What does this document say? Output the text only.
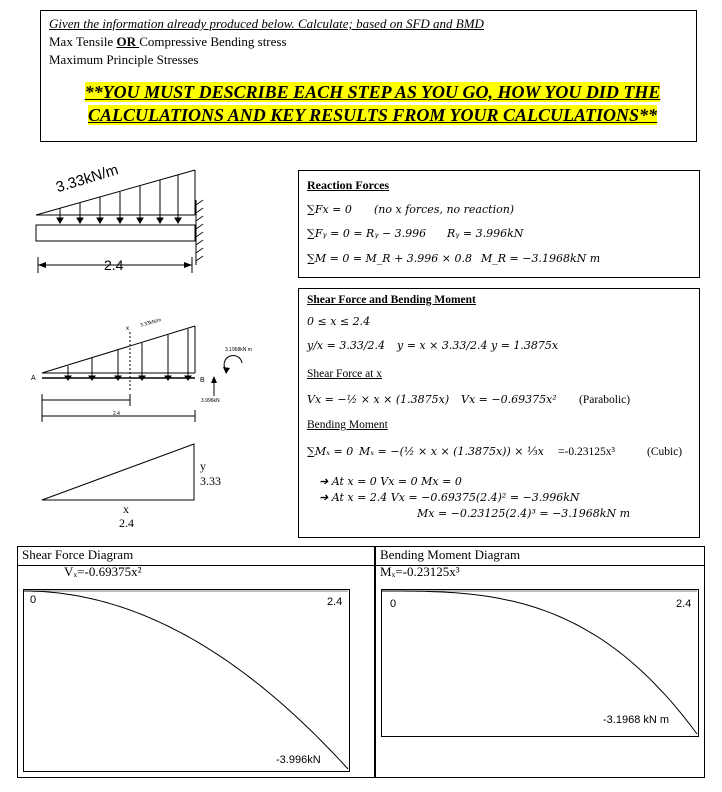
Given the information already produced below. Calculate; based on SFD and BMD
Max Tensile OR Compressive Bending stress
Maximum Principle Stresses
**YOU MUST DESCRIBE EACH STEP AS YOU GO, HOW YOU DID THE
CALCULATIONS AND KEY RESULTS FROM YOUR CALCULATIONS**
3.33kN/m
2.4
3.33kN/m
3.1968kN m
3.996kN
A	B
x
2.4
y
3.33
x
2.4
Reaction Forces
∑Fx = 0 (no x forces, no reaction)
∑Fᵧ = 0 = Rᵧ − 3.996 Rᵧ = 3.996kN
∑M = 0 = M_R + 3.996 × 0.8 M_R = −3.1968kN m
Shear Force and Bending Moment
0 ≤ x ≤ 2.4
y/x = 3.33/2.4 y = x × 3.33/2.4 y = 1.3875x
Shear Force at x
Vx = −½ × x × (1.3875x) Vx = −0.69375x² (Parabolic)
Bending Moment
∑Mₓ = 0 Mₓ = −(½ × x × (1.3875x)) × ⅓x =-0.23125x³	(Cubic)
➔ At x = 0 Vx = 0 Mx = 0
➔ At x = 2.4 Vx = −0.69375(2.4)² = −3.996kN
Mx = −0.23125(2.4)³ = −3.1968kN m
Shear Force Diagram
Vₓ=-0.69375x²
0	2.4
-3.996kN
Bending Moment Diagram
Mₓ=-0.23125x³
0	2.4
-3.1968 kN m
